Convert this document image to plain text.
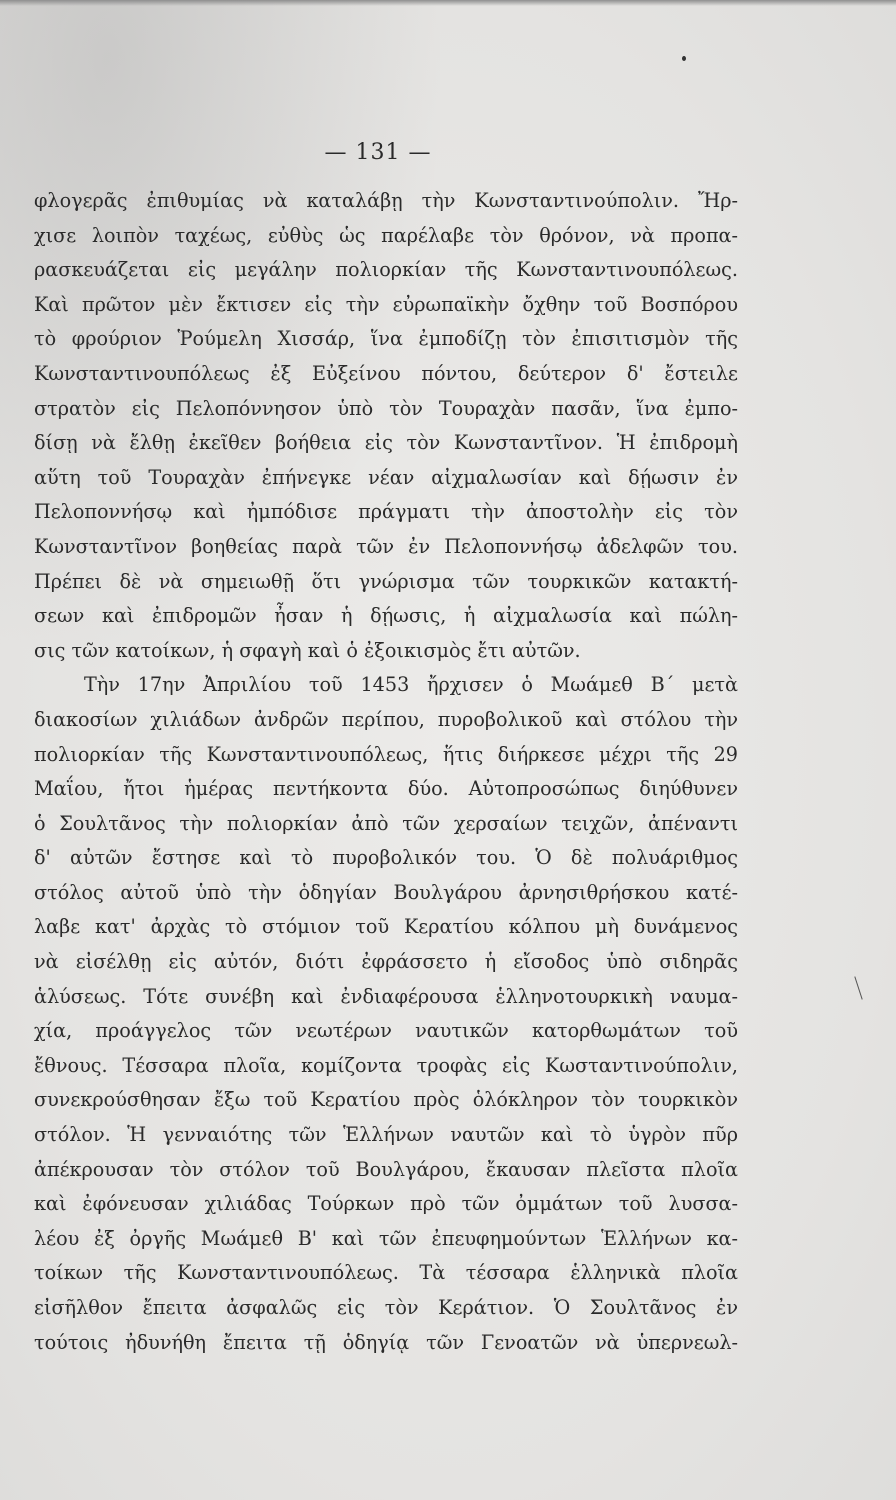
— 131 —
φλογερᾶς ἐπιθυμίας νὰ καταλάβῃ τὴν Κωνσταντινούπολιν. Ἤρ-
χισε λοιπὸν ταχέως, εὐθὺς ὡς παρέλαβε τὸν θρόνον, νὰ προπα-
ρασκευάζεται εἰς μεγάλην πολιορκίαν τῆς Κωνσταντινουπόλεως.
Καὶ πρῶτον μὲν ἔκτισεν εἰς τὴν εὐρωπαϊκὴν ὄχθην τοῦ Βοσπόρου
τὸ φρούριον Ῥούμελη Χισσάρ, ἵνα ἐμποδίζῃ τὸν ἐπισιτισμὸν τῆς
Κωνσταντινουπόλεως ἐξ Εὐξείνου πόντου, δεύτερον δ' ἔστειλε
στρατὸν εἰς Πελοπόννησον ὑπὸ τὸν Τουραχὰν πασᾶν, ἵνα ἐμπο-
δίσῃ νὰ ἔλθῃ ἐκεῖθεν βοήθεια εἰς τὸν Κωνσταντῖνον. Ἡ ἐπιδρομὴ
αὕτη τοῦ Τουραχὰν ἐπήνεγκε νέαν αἰχμαλωσίαν καὶ δῄωσιν ἐν
Πελοποννήσῳ καὶ ἠμπόδισε πράγματι τὴν ἀποστολὴν εἰς τὸν
Κωνσταντῖνον βοηθείας παρὰ τῶν ἐν Πελοποννήσῳ ἀδελφῶν του.
Πρέπει δὲ νὰ σημειωθῇ ὅτι γνώρισμα τῶν τουρκικῶν κατακτή-
σεων καὶ ἐπιδρομῶν ἦσαν ἡ δῄωσις, ἡ αἰχμαλωσία καὶ πώλη-
σις τῶν κατοίκων, ἡ σφαγὴ καὶ ὁ ἐξοικισμὸς ἔτι αὐτῶν.
Τὴν 17ην Ἀπριλίου τοῦ 1453 ἤρχισεν ὁ Μωάμεθ Β΄ μετὰ
διακοσίων χιλιάδων ἀνδρῶν περίπου, πυροβολικοῦ καὶ στόλου τὴν
πολιορκίαν τῆς Κωνσταντινουπόλεως, ἥτις διήρκεσε μέχρι τῆς 29
Μαΐου, ἤτοι ἡμέρας πεντήκοντα δύο. Αὐτοπροσώπως διηύθυνεν
ὁ Σουλτᾶνος τὴν πολιορκίαν ἀπὸ τῶν χερσαίων τειχῶν, ἀπέναντι
δ' αὐτῶν ἔστησε καὶ τὸ πυροβολικόν του. Ὁ δὲ πολυάριθμος
στόλος αὐτοῦ ὑπὸ τὴν ὁδηγίαν Βουλγάρου ἀρνησιθρήσκου κατέ-
λαβε κατ' ἀρχὰς τὸ στόμιον τοῦ Κερατίου κόλπου μὴ δυνάμενος
νὰ εἰσέλθῃ εἰς αὐτόν, διότι ἐφράσσετο ἡ εἴσοδος ὑπὸ σιδηρᾶς
ἁλύσεως. Τότε συνέβη καὶ ἐνδιαφέρουσα ἑλληνοτουρκικὴ ναυμα-
χία, πρoάγγελος τῶν νεωτέρων ναυτικῶν κατορθωμάτων τοῦ
ἔθνους. Τέσσαρα πλοῖα, κομίζοντα τροφὰς εἰς Κωσταντινούπολιν,
συνεκρούσθησαν ἔξω τοῦ Κερατίου πρὸς ὁλόκληρον τὸν τουρκικὸν
στόλον. Ἡ γενναιότης τῶν Ἑλλήνων ναυτῶν καὶ τὸ ὑγρὸν πῦρ
ἀπέκρουσαν τὸν στόλον τοῦ Βουλγάρου, ἔκαυσαν πλεῖστα πλοῖα
καὶ ἐφόνευσαν χιλιάδας Τούρκων πρὸ τῶν ὀμμάτων τοῦ λυσσα-
λέου ἐξ ὀργῆς Μωάμεθ Β' καὶ τῶν ἐπευφημούντων Ἑλλήνων κα-
τοίκων τῆς Κωνσταντινουπόλεως. Τὰ τέσσαρα ἑλληνικὰ πλοῖα
εἰσῆλθον ἔπειτα ἀσφαλῶς εἰς τὸν Κεράτιον. Ὁ Σουλτᾶνος ἐν
τούτοις ἠδυνήθη ἔπειτα τῇ ὁδηγίᾳ τῶν Γενοατῶν νὰ ὑπερνεωλ-
